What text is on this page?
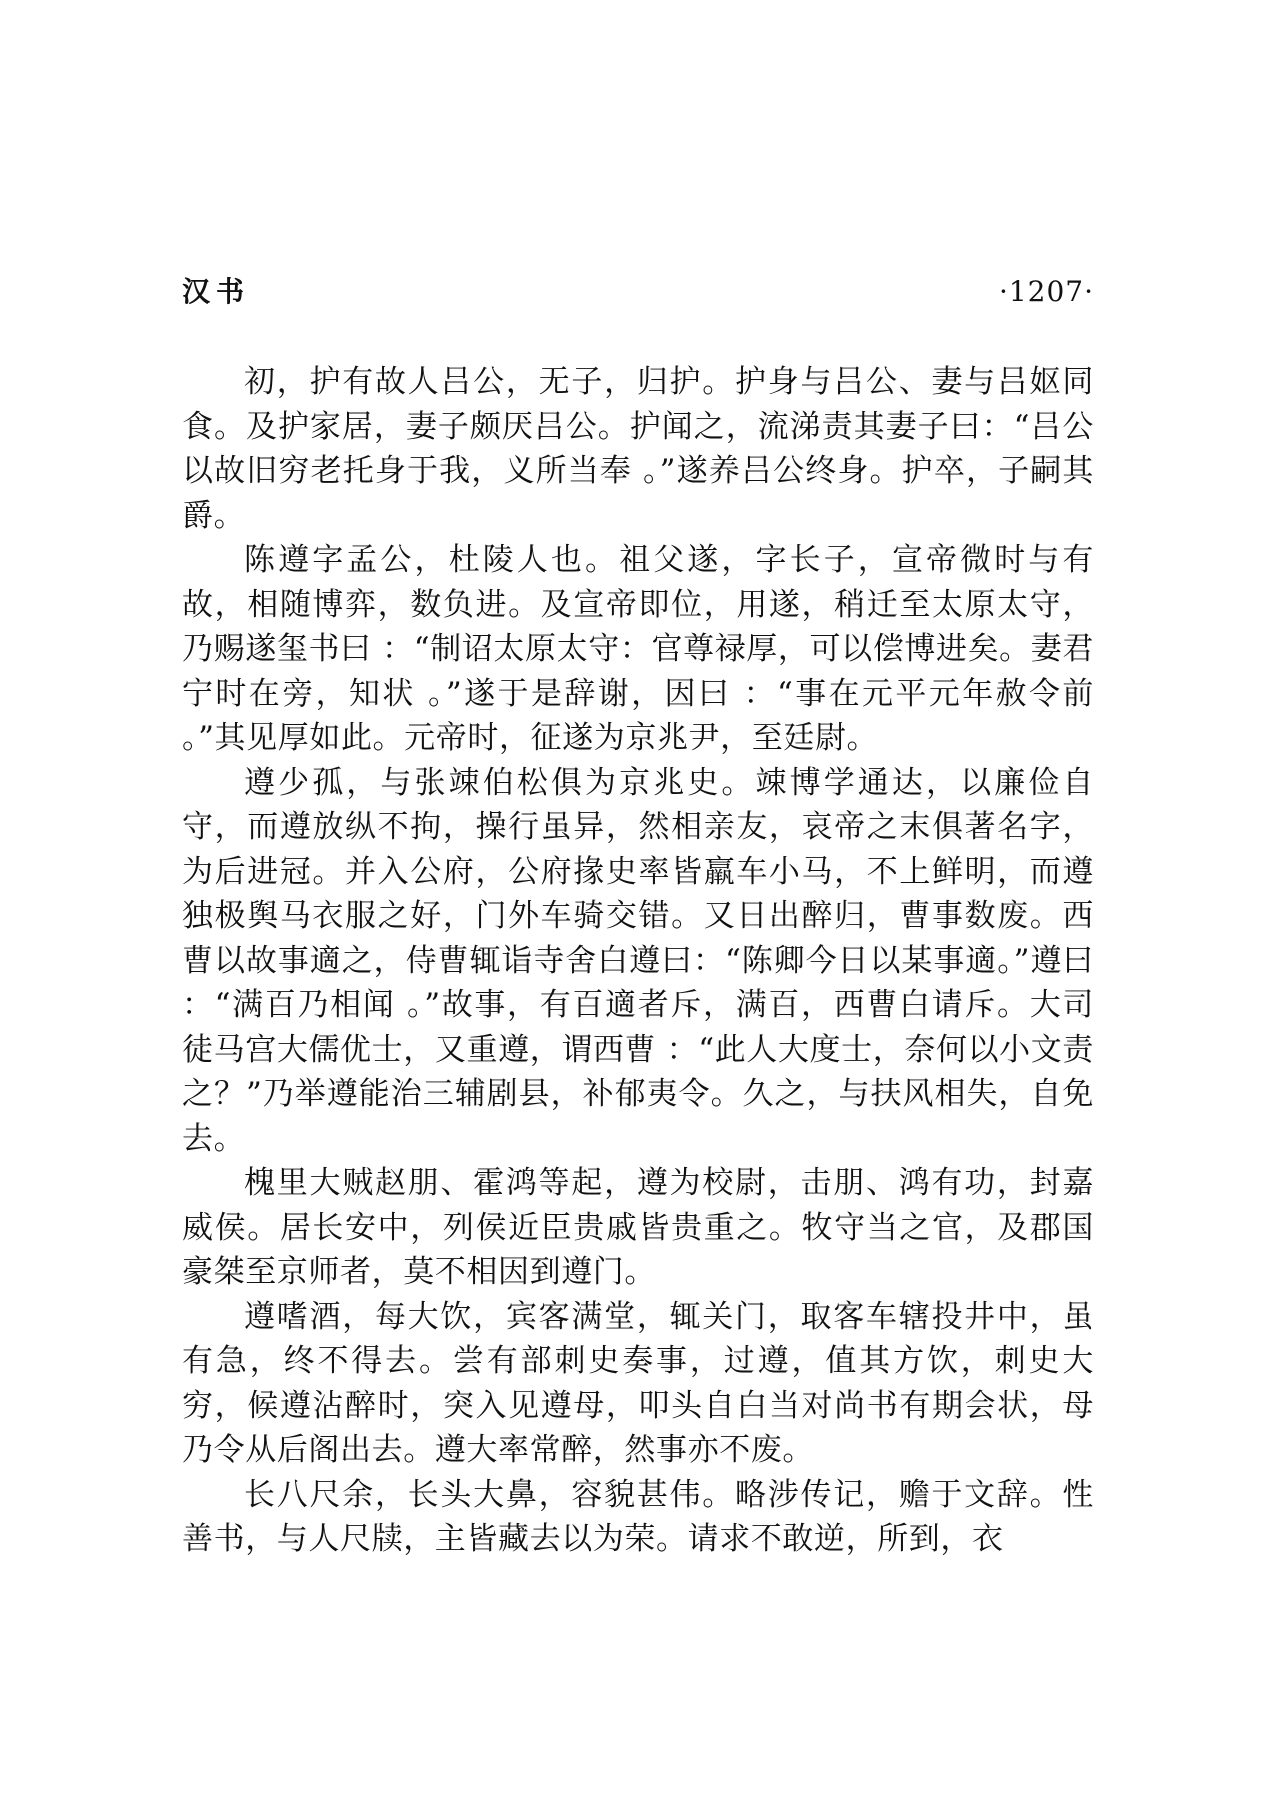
汉书	·1207·

初，护有故人吕公，无子，归护。护身与吕公、妻与吕妪同食。及护家居，妻子颇厌吕公。护闻之，流涕责其妻子曰：“吕公以故旧穷老托身于我，义所当奉 。”遂养吕公终身。护卒，子嗣其爵。

陈遵字孟公，杜陵人也。祖父遂，字长子，宣帝微时与有故，相随博弈，数负进。及宣帝即位，用遂，稍迁至太原太守，乃赐遂玺书曰 ：“制诏太原太守：官尊禄厚，可以偿博进矣。妻君宁时在旁，知状 。”遂于是辞谢，因曰 ：“事在元平元年赦令前 。”其见厚如此。元帝时，征遂为京兆尹，至廷尉。

遵少孤，与张竦伯松俱为京兆史。竦博学通达，以廉俭自守，而遵放纵不拘，操行虽异，然相亲友，哀帝之末俱著名字，为后进冠。并入公府，公府掾史率皆羸车小马，不上鲜明，而遵独极舆马衣服之好，门外车骑交错。又日出醉归，曹事数废。西曹以故事適之，侍曹辄诣寺舍白遵曰：“陈卿今日以某事適。”遵曰 ：“满百乃相闻 。”故事，有百適者斥，满百，西曹白请斥。大司徒马宫大儒优士，又重遵，谓西曹 ：“此人大度士，奈何以小文责之？”乃举遵能治三辅剧县，补郁夷令。久之，与扶风相失，自免去。

槐里大贼赵朋、霍鸿等起，遵为校尉，击朋、鸿有功，封嘉威侯。居长安中，列侯近臣贵戚皆贵重之。牧守当之官，及郡国豪桀至京师者，莫不相因到遵门。

遵嗜酒，每大饮，宾客满堂，辄关门，取客车辖投井中，虽有急，终不得去。尝有部刺史奏事，过遵，值其方饮，刺史大穷，候遵沾醉时，突入见遵母，叩头自白当对尚书有期会状，母乃令从后阁出去。遵大率常醉，然事亦不废。

长八尺余，长头大鼻，容貌甚伟。略涉传记，赡于文辞。性善书，与人尺牍，主皆藏去以为荣。请求不敢逆，所到，衣
